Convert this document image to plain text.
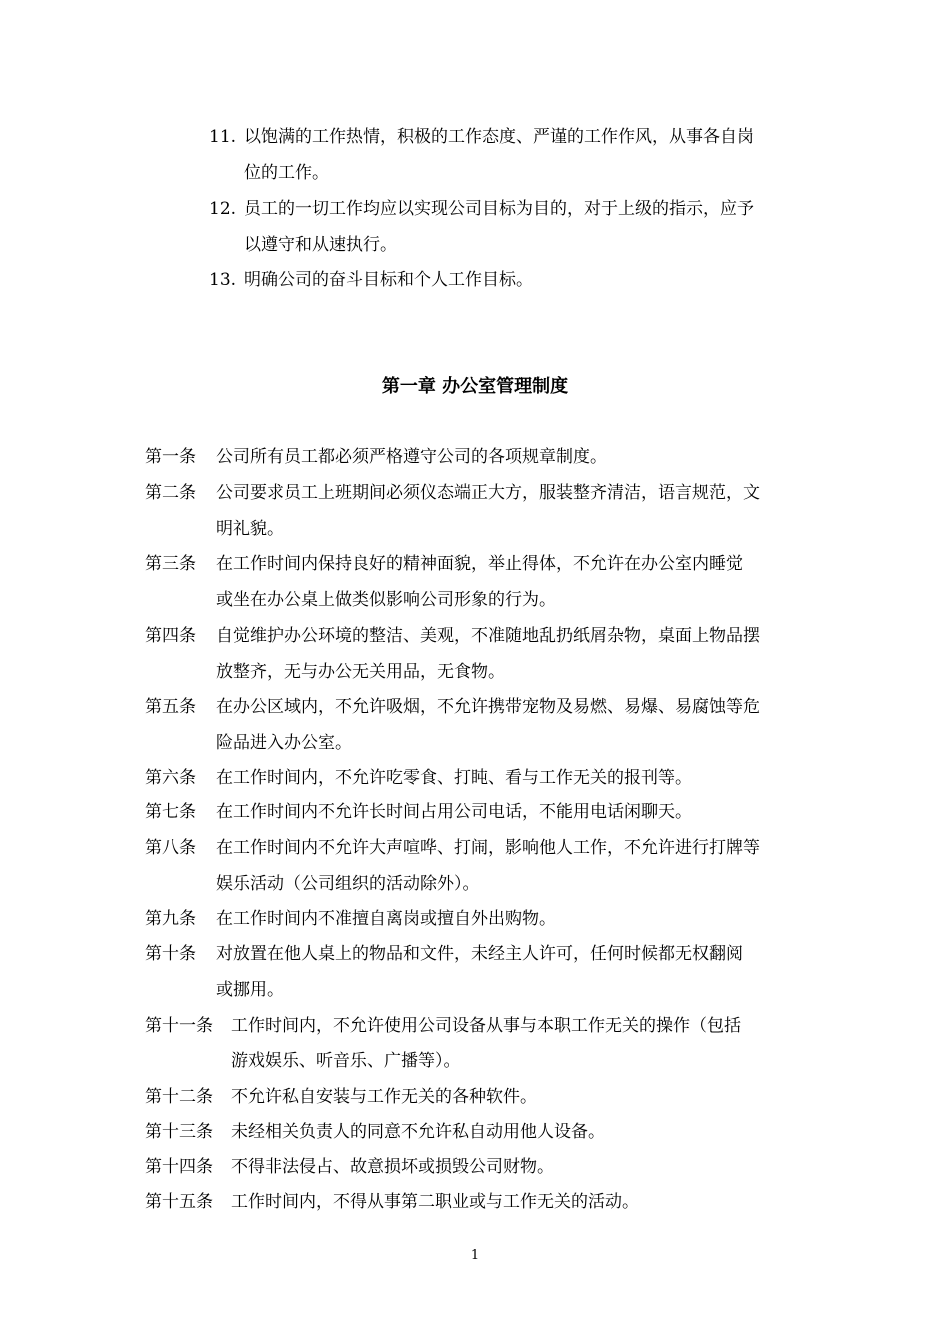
11. 以饱满的工作热情，积极的工作态度、严谨的工作作风，从事各自岗
位的工作。
12. 员工的一切工作均应以实现公司目标为目的，对于上级的指示，应予
以遵守和从速执行。
13. 明确公司的奋斗目标和个人工作目标。
第一章 办公室管理制度
第一条 公司所有员工都必须严格遵守公司的各项规章制度。
第二条 公司要求员工上班期间必须仪态端正大方，服装整齐清洁，语言规范，文
明礼貌。
第三条 在工作时间内保持良好的精神面貌，举止得体，不允许在办公室内睡觉
或坐在办公桌上做类似影响公司形象的行为。
第四条 自觉维护办公环境的整洁、美观，不准随地乱扔纸屑杂物，桌面上物品摆
放整齐，无与办公无关用品，无食物。
第五条 在办公区域内，不允许吸烟，不允许携带宠物及易燃、易爆、易腐蚀等危
险品进入办公室。
第六条 在工作时间内，不允许吃零食、打盹、看与工作无关的报刊等。
第七条 在工作时间内不允许长时间占用公司电话，不能用电话闲聊天。
第八条 在工作时间内不允许大声喧哗、打闹，影响他人工作，不允许进行打牌等
娱乐活动（公司组织的活动除外）。
第九条 在工作时间内不准擅自离岗或擅自外出购物。
第十条 对放置在他人桌上的物品和文件，未经主人许可，任何时候都无权翻阅
或挪用。
第十一条 工作时间内，不允许使用公司设备从事与本职工作无关的操作（包括
游戏娱乐、听音乐、广播等）。
第十二条 不允许私自安装与工作无关的各种软件。
第十三条 未经相关负责人的同意不允许私自动用他人设备。
第十四条 不得非法侵占、故意损坏或损毁公司财物。
第十五条 工作时间内，不得从事第二职业或与工作无关的活动。
1
